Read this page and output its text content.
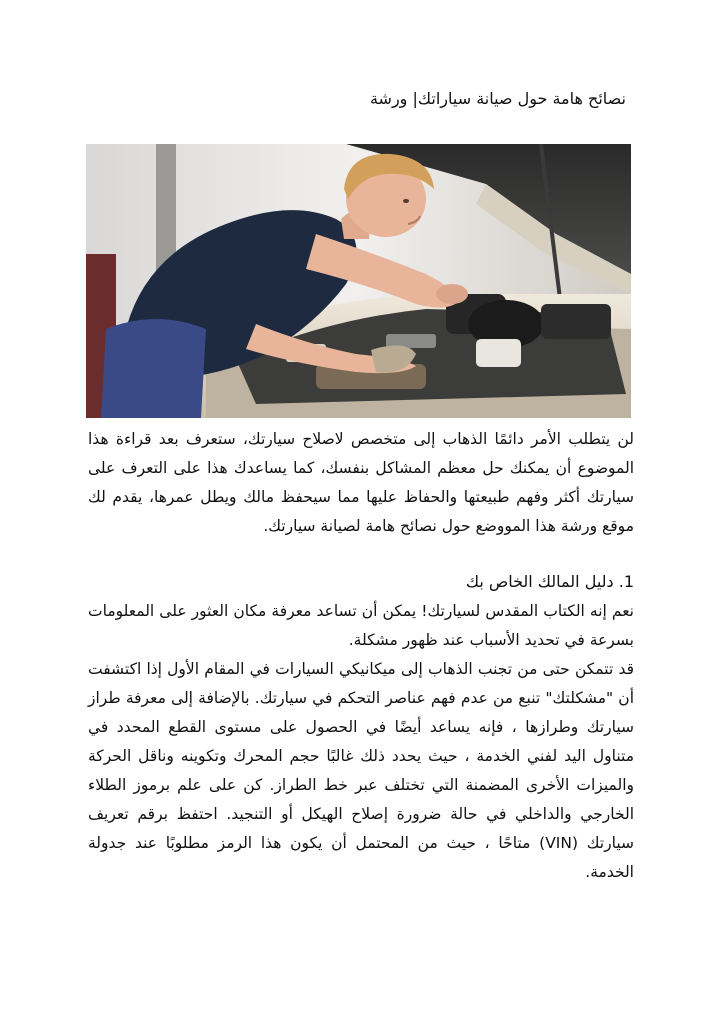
نصائح هامة حول صيانة سياراتك| ورشة

لن يتطلب الأمر دائمًا الذهاب إلى متخصص لاصلاح سيارتك، ستعرف بعد قراءة هذا الموضوع أن يمكنك حل معظم المشاكل بنفسك، كما يساعدك هذا على التعرف على سيارتك أكثر وفهم طبيعتها والحفاظ عليها مما سيحفظ مالك ويطل عمرها، يقدم لك موقع ورشة هذا المووضع حول نصائح هامة لصيانة سيارتك.

1. دليل المالك الخاص بك

نعم إنه الكتاب المقدس لسيارتك! يمكن أن تساعد معرفة مكان العثور على المعلومات بسرعة في تحديد الأسباب عند ظهور مشكلة.

قد تتمكن حتى من تجنب الذهاب إلى ميكانيكي السيارات في المقام الأول إذا اكتشفت أن "مشكلتك" تنبع من عدم فهم عناصر التحكم في سيارتك. بالإضافة إلى معرفة طراز سيارتك وطرازها ، فإنه يساعد أيضًا في الحصول على مستوى القطع المحدد في متناول اليد لفني الخدمة ، حيث يحدد ذلك غالبًا حجم المحرك وتكوينه وناقل الحركة والميزات الأخرى المضمنة التي تختلف عبر خط الطراز. كن على علم برموز الطلاء الخارجي والداخلي في حالة ضرورة إصلاح الهيكل أو التنجيد. احتفظ برقم تعريف سيارتك (VIN) متاحًا ، حيث من المحتمل أن يكون هذا الرمز مطلوبًا عند جدولة الخدمة.
